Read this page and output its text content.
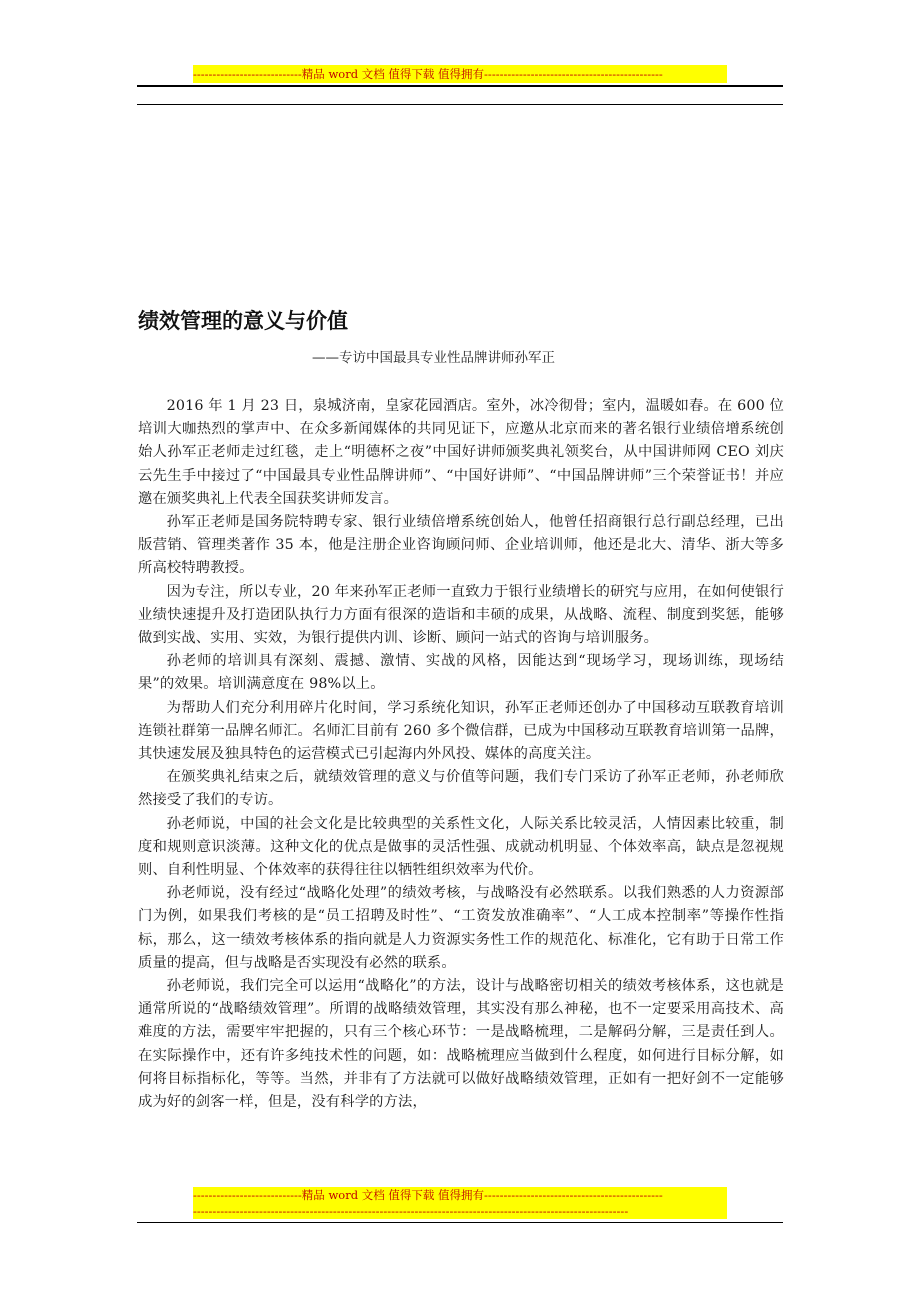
----------------------------精品 word 文档 值得下载 值得拥有----------------------------------------------
绩效管理的意义与价值

——专访中国最具专业性品牌讲师孙军正

2016 年 1 月 23 日，泉城济南，皇家花园酒店。室外，冰冷彻骨；室内，温暖如春。在 600 位培训大咖热烈的掌声中、在众多新闻媒体的共同见证下，应邀从北京而来的著名银行业绩倍增系统创始人孙军正老师走过红毯，走上“明德杯之夜”中国好讲师颁奖典礼领奖台，从中国讲师网 CEO 刘庆云先生手中接过了“中国最具专业性品牌讲师”、“中国好讲师”、“中国品牌讲师”三个荣誉证书！并应邀在颁奖典礼上代表全国获奖讲师发言。

孙军正老师是国务院特聘专家、银行业绩倍增系统创始人，他曾任招商银行总行副总经理，已出版营销、管理类著作 35 本，他是注册企业咨询顾问师、企业培训师，他还是北大、清华、浙大等多所高校特聘教授。

因为专注，所以专业，20 年来孙军正老师一直致力于银行业绩增长的研究与应用，在如何使银行业绩快速提升及打造团队执行力方面有很深的造诣和丰硕的成果，从战略、流程、制度到奖惩，能够做到实战、实用、实效，为银行提供内训、诊断、顾问一站式的咨询与培训服务。

孙老师的培训具有深刻、震撼、激情、实战的风格，因能达到“现场学习，现场训练，现场结果”的效果。培训满意度在 98%以上。

为帮助人们充分利用碎片化时间，学习系统化知识，孙军正老师还创办了中国移动互联教育培训连锁社群第一品牌名师汇。名师汇目前有 260 多个微信群，已成为中国移动互联教育培训第一品牌，其快速发展及独具特色的运营模式已引起海内外风投、媒体的高度关注。

在颁奖典礼结束之后，就绩效管理的意义与价值等问题，我们专门采访了孙军正老师，孙老师欣然接受了我们的专访。

孙老师说，中国的社会文化是比较典型的关系性文化，人际关系比较灵活，人情因素比较重，制度和规则意识淡薄。这种文化的优点是做事的灵活性强、成就动机明显、个体效率高，缺点是忽视规则、自利性明显、个体效率的获得往往以牺牲组织效率为代价。

孙老师说，没有经过“战略化处理”的绩效考核，与战略没有必然联系。以我们熟悉的人力资源部门为例，如果我们考核的是“员工招聘及时性”、“工资发放准确率”、“人工成本控制率”等操作性指标，那么，这一绩效考核体系的指向就是人力资源实务性工作的规范化、标准化，它有助于日常工作质量的提高，但与战略是否实现没有必然的联系。

孙老师说，我们完全可以运用“战略化”的方法，设计与战略密切相关的绩效考核体系，这也就是通常所说的“战略绩效管理”。所谓的战略绩效管理，其实没有那么神秘，也不一定要采用高技术、高难度的方法，需要牢牢把握的，只有三个核心环节：一是战略梳理，二是解码分解，三是责任到人。在实际操作中，还有许多纯技术性的问题，如：战略梳理应当做到什么程度，如何进行目标分解，如何将目标指标化，等等。当然，并非有了方法就可以做好战略绩效管理，正如有一把好剑不一定能够成为好的剑客一样，但是，没有科学的方法，

----------------------------精品 word 文档 值得下载 值得拥有----------------------------------------------
----------------------------------------------------------------------------------------------------------------
